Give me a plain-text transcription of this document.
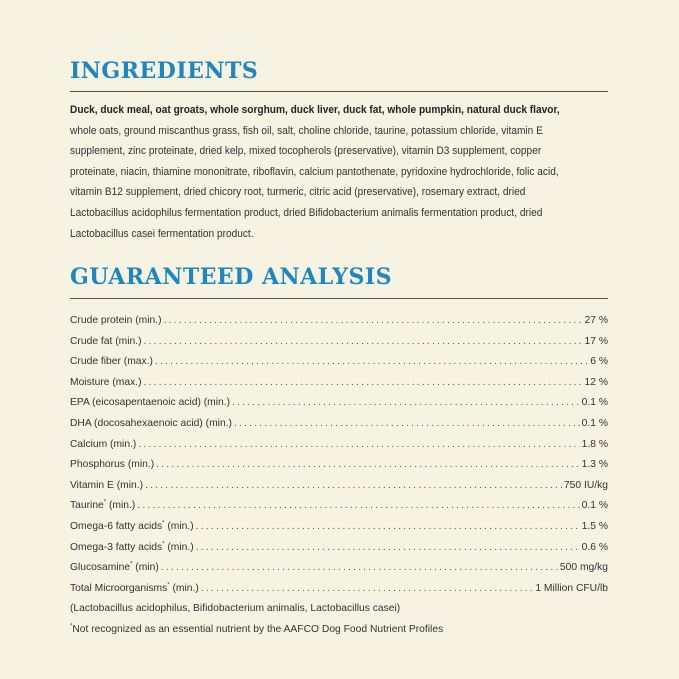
INGREDIENTS

Duck, duck meal, oat groats, whole sorghum, duck liver, duck fat, whole pumpkin, natural duck flavor, whole oats, ground miscanthus grass, fish oil, salt, choline chloride, taurine, potassium chloride, vitamin E supplement, zinc proteinate, dried kelp, mixed tocopherols (preservative), vitamin D3 supplement, copper proteinate, niacin, thiamine mononitrate, riboflavin, calcium pantothenate, pyridoxine hydrochloride, folic acid, vitamin B12 supplement, dried chicory root, turmeric, citric acid (preservative), rosemary extract, dried Lactobacillus acidophilus fermentation product, dried Bifidobacterium animalis fermentation product, dried Lactobacillus casei fermentation product.

GUARANTEED ANALYSIS
Crude protein (min.) .....	27 %
Crude fat (min.) .....	17 %
Crude fiber (max.) .....	6 %
Moisture (max.) .....	12 %
EPA (eicosapentaenoic acid) (min.) .....	0.1 %
DHA (docosahexaenoic acid) (min.) .....	0.1 %
Calcium (min.) .....	1.8 %
Phosphorus (min.) .....	1.3 %
Vitamin E (min.) .....	750 IU/kg
Taurine* (min.) .....	0.1 %
Omega-6 fatty acids* (min.) .....	1.5 %
Omega-3 fatty acids* (min.) .....	0.6 %
Glucosamine* (min) .....	500 mg/kg
Total Microorganisms* (min.) .....	1 Million CFU/lb
(Lactobacillus acidophilus, Bifidobacterium animalis, Lactobacillus casei)
*Not recognized as an essential nutrient by the AAFCO Dog Food Nutrient Profiles
